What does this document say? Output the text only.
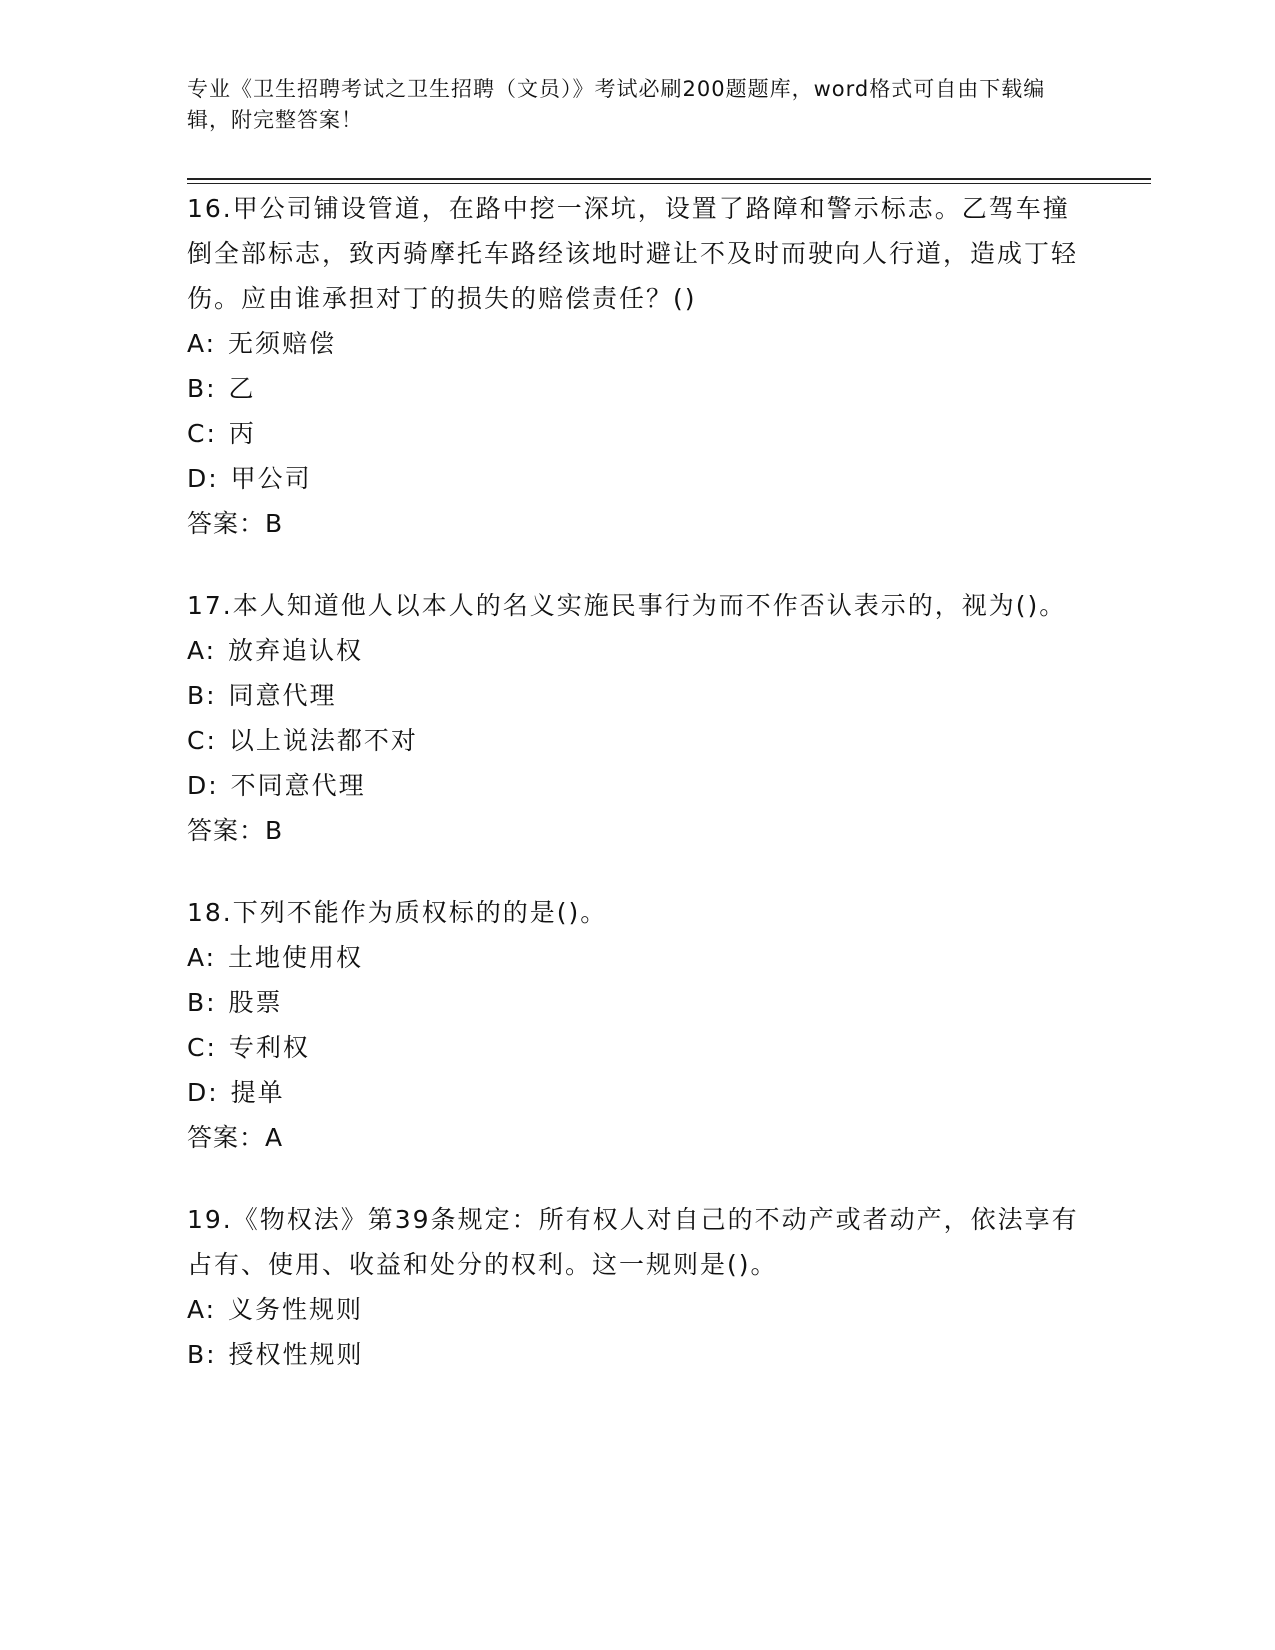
专业《卫生招聘考试之卫生招聘（文员）》考试必刷200题题库，word格式可自由下载编辑，附完整答案！

16.甲公司铺设管道，在路中挖一深坑，设置了路障和警示标志。乙驾车撞倒全部标志，致丙骑摩托车路经该地时避让不及时而驶向人行道，造成丁轻伤。应由谁承担对丁的损失的赔偿责任？()

A: 无须赔偿

B: 乙

C: 丙

D: 甲公司

答案：B

17.本人知道他人以本人的名义实施民事行为而不作否认表示的，视为()。

A: 放弃追认权

B: 同意代理

C: 以上说法都不对

D: 不同意代理

答案：B

18.下列不能作为质权标的的是()。

A: 土地使用权

B: 股票

C: 专利权

D: 提单

答案：A

19.《物权法》第39条规定：所有权人对自己的不动产或者动产，依法享有占有、使用、收益和处分的权利。这一规则是()。

A: 义务性规则

B: 授权性规则
